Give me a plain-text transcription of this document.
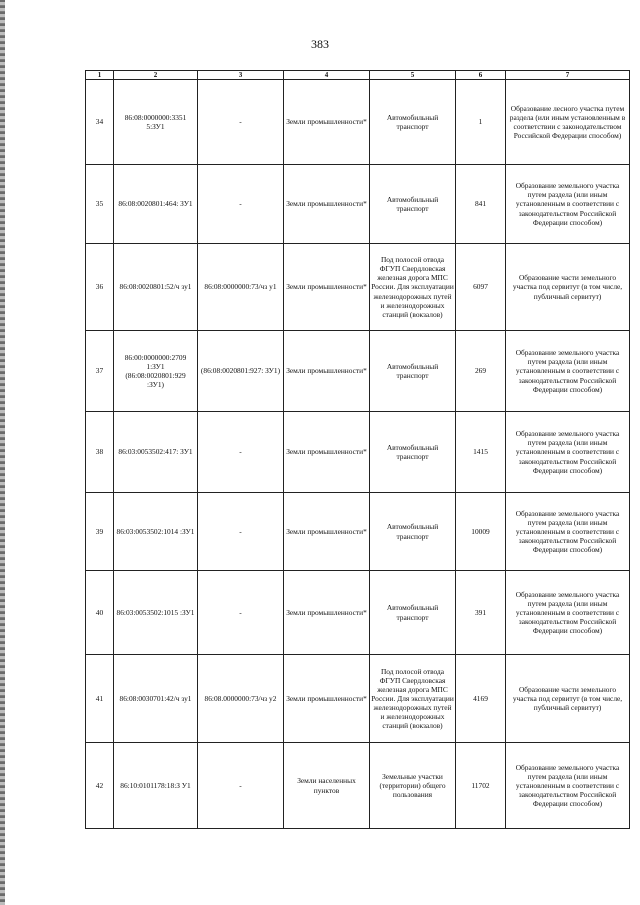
383
1	2	3	4	5	6	7
34	86:08:0000000:3351 5:ЗУ1	-	Земли промышленности*	Автомобильный транспорт	1	Образование лесного участка путем раздела (или иным установленным в соответствии с законодательством Российской Федерации способом)
35	86:08:0020801:464: ЗУ1	-	Земли промышленности*	Автомобильный транспорт	841	Образование земельного участка путем раздела (или иным установленным в соответствии с законодательством Российской Федерации способом)
36	86:08:0020801:52/ч зу1	86:08:0000000:73/чз у1	Земли промышленности*	Под полосой отвода ФГУП Свердловская железная дорога МПС России. Для эксплуатации железнодорожных путей и железнодорожных станций (вокзалов)	6097	Образование части земельного участка под сервитут (в том числе, публичный сервитут)
37	86:00:0000000:2709 1:ЗУ1 (86:08:0020801:929 :ЗУ1)	(86:08:0020801:927: ЗУ1)	Земли промышленности*	Автомобильный транспорт	269	Образование земельного участка путем раздела (или иным установленным в соответствии с законодательством Российской Федерации способом)
38	86:03:0053502:417: ЗУ1	-	Земли промышленности*	Автомобильный транспорт	1415	Образование земельного участка путем раздела (или иным установленным в соответствии с законодательством Российской Федерации способом)
39	86:03:0053502:1014 :ЗУ1	-	Земли промышленности*	Автомобильный транспорт	10009	Образование земельного участка путем раздела (или иным установленным в соответствии с законодательством Российской Федерации способом)
40	86:03:0053502:1015 :ЗУ1	-	Земли промышленности*	Автомобильный транспорт	391	Образование земельного участка путем раздела (или иным установленным в соответствии с законодательством Российской Федерации способом)
41	86:08:0030701:42/ч зу1	86:08.0000000:73/чз у2	Земли промышленности*	Под полосой отвода ФГУП Свердловская железная дорога МПС России. Для эксплуатации железнодорожных путей и железнодорожных станций (вокзалов)	4169	Образование части земельного участка под сервитут (в том числе, публичный сервитут)
42	86:10:0101178:18:З У1	-	Земли населенных пунктов	Земельные участки (территории) общего пользования	11702	Образование земельного участка путем раздела (или иным установленным в соответствии с законодательством Российской Федерации способом)
